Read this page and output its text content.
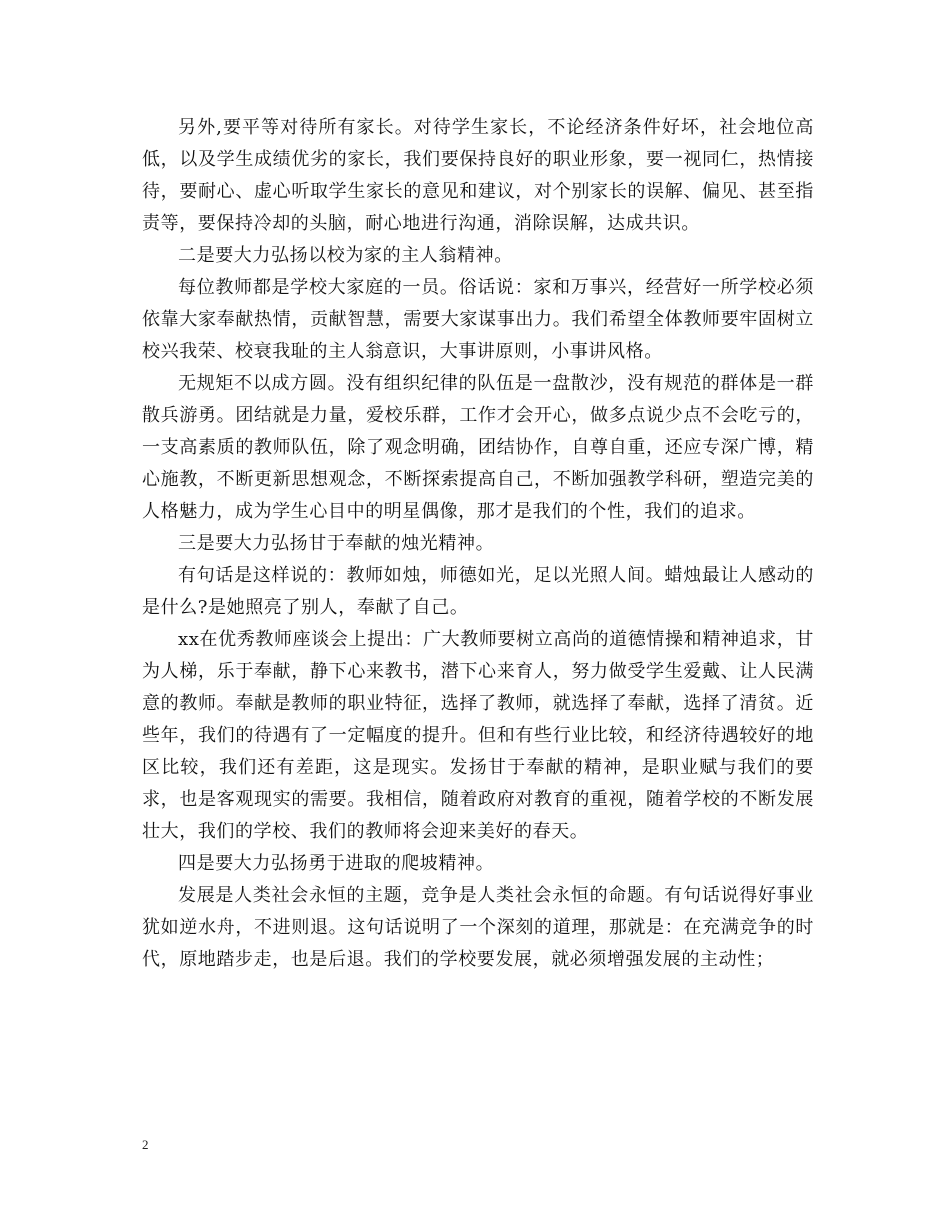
另外,要平等对待所有家长。对待学生家长，不论经济条件好坏，社会地位高低，以及学生成绩优劣的家长，我们要保持良好的职业形象，要一视同仁，热情接待，要耐心、虚心听取学生家长的意见和建议，对个别家长的误解、偏见、甚至指责等，要保持冷却的头脑，耐心地进行沟通，消除误解，达成共识。

二是要大力弘扬以校为家的主人翁精神。

每位教师都是学校大家庭的一员。俗话说：家和万事兴，经营好一所学校必须依靠大家奉献热情，贡献智慧，需要大家谋事出力。我们希望全体教师要牢固树立校兴我荣、校衰我耻的主人翁意识，大事讲原则，小事讲风格。

无规矩不以成方圆。没有组织纪律的队伍是一盘散沙，没有规范的群体是一群散兵游勇。团结就是力量，爱校乐群，工作才会开心，做多点说少点不会吃亏的，一支高素质的教师队伍，除了观念明确，团结协作，自尊自重，还应专深广博，精心施教，不断更新思想观念，不断探索提高自己，不断加强教学科研，塑造完美的人格魅力，成为学生心目中的明星偶像，那才是我们的个性，我们的追求。

三是要大力弘扬甘于奉献的烛光精神。

有句话是这样说的：教师如烛，师德如光，足以光照人间。蜡烛最让人感动的是什么?是她照亮了别人，奉献了自己。

xx在优秀教师座谈会上提出：广大教师要树立高尚的道德情操和精神追求，甘为人梯，乐于奉献，静下心来教书，潜下心来育人，努力做受学生爱戴、让人民满意的教师。奉献是教师的职业特征，选择了教师，就选择了奉献，选择了清贫。近些年，我们的待遇有了一定幅度的提升。但和有些行业比较，和经济待遇较好的地区比较，我们还有差距，这是现实。发扬甘于奉献的精神，是职业赋与我们的要求，也是客观现实的需要。我相信，随着政府对教育的重视，随着学校的不断发展壮大，我们的学校、我们的教师将会迎来美好的春天。

四是要大力弘扬勇于进取的爬坡精神。

发展是人类社会永恒的主题，竞争是人类社会永恒的命题。有句话说得好事业犹如逆水舟，不进则退。这句话说明了一个深刻的道理，那就是：在充满竞争的时代，原地踏步走，也是后退。我们的学校要发展，就必须增强发展的主动性；

2
